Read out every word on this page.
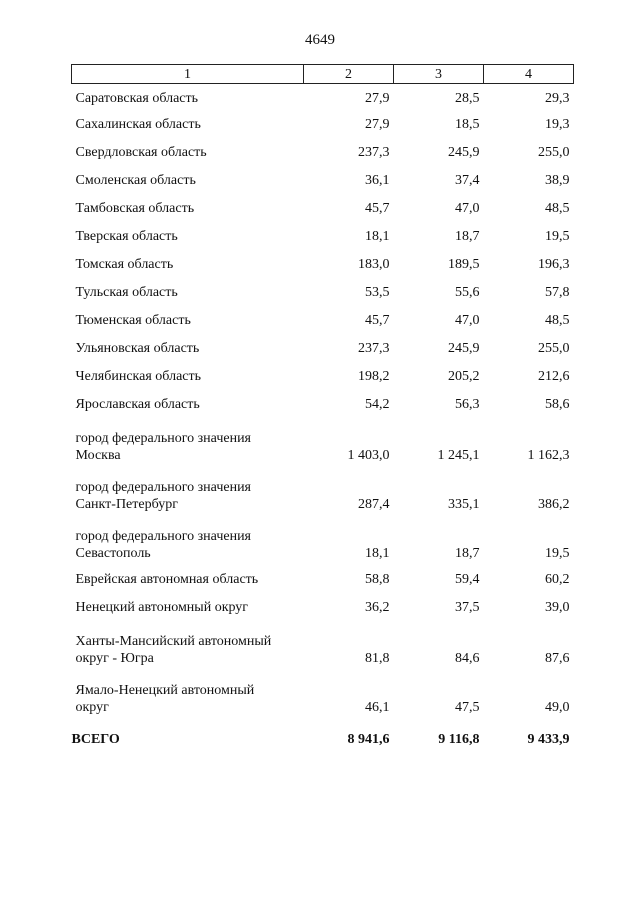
4649
1	2	3	4
Саратовская область	27,9	28,5	29,3
Сахалинская область	27,9	18,5	19,3
Свердловская область	237,3	245,9	255,0
Смоленская область	36,1	37,4	38,9
Тамбовская область	45,7	47,0	48,5
Тверская область	18,1	18,7	19,5
Томская область	183,0	189,5	196,3
Тульская область	53,5	55,6	57,8
Тюменская область	45,7	47,0	48,5
Ульяновская область	237,3	245,9	255,0
Челябинская область	198,2	205,2	212,6
Ярославская область	54,2	56,3	58,6
город федерального значения
Москва	1 403,0	1 245,1	1 162,3
город федерального значения
Санкт-Петербург	287,4	335,1	386,2
город федерального значения
Севастополь	18,1	18,7	19,5
Еврейская автономная область	58,8	59,4	60,2
Ненецкий автономный округ	36,2	37,5	39,0
Ханты-Мансийский автономный
округ - Югра	81,8	84,6	87,6
Ямало-Ненецкий автономный
округ	46,1	47,5	49,0
ВСЕГО	8 941,6	9 116,8	9 433,9
